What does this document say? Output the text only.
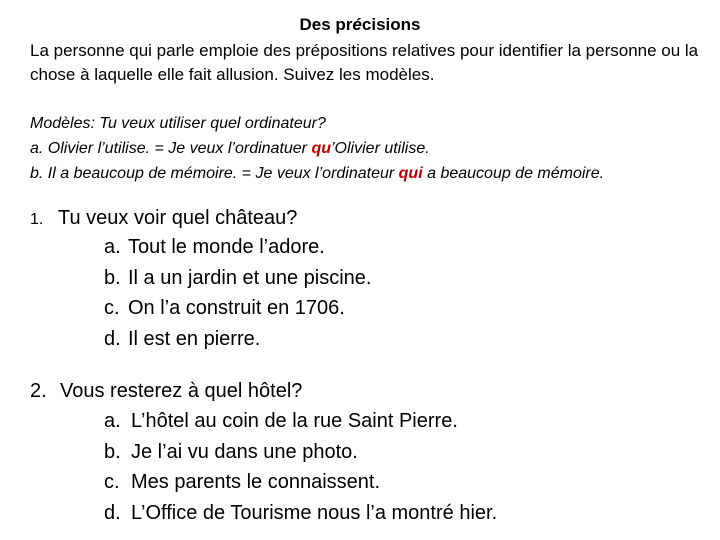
Des précisions

La personne qui parle emploie des prépositions relatives pour identifier la personne ou la chose à laquelle elle fait allusion. Suivez les modèles.

Modèles: Tu veux utiliser quel ordinateur?
a. Olivier l’utilise. = Je veux l’ordinatuer qu’Olivier utilise.
b. Il a beaucoup de mémoire. = Je veux l’ordinateur qui a beaucoup de mémoire.
1. Tu veux voir quel château?
a. Tout le monde l’adore.
b. Il a un jardin et une piscine.
c. On l’a construit en 1706.
d. Il est en pierre.
2. Vous resterez à quel hôtel?
a. L’hôtel au coin de la rue Saint Pierre.
b. Je l’ai vu dans une photo.
c. Mes parents le connaissent.
d. L’Office de Tourisme nous l’a montré hier.
